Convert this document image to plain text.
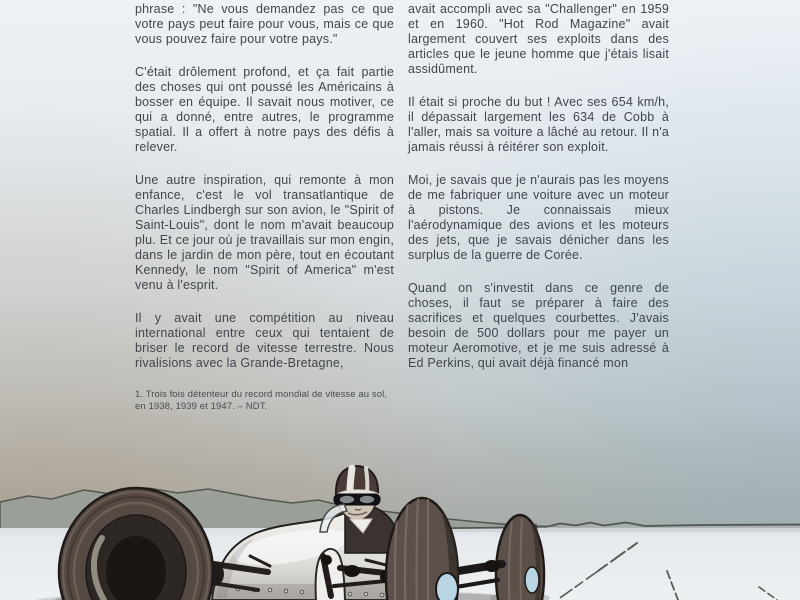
phrase : "Ne vous demandez pas ce que votre pays peut faire pour vous, mais ce que vous pouvez faire pour votre pays."

C'était drôlement profond, et ça fait partie des choses qui ont poussé les Américains à bosser en équipe. Il savait nous motiver, ce qui a donné, entre autres, le programme spatial. Il a offert à notre pays des défis à relever.

Une autre inspiration, qui remonte à mon enfance, c'est le vol transatlantique de Charles Lindbergh sur son avion, le "Spirit of Saint-Louis", dont le nom m'avait beaucoup plu. Et ce jour où je travaillais sur mon engin, dans le jardin de mon père, tout en écoutant Kennedy, le nom "Spirit of America" m'est venu à l'esprit.

Il y avait une compétition au niveau international entre ceux qui tentaient de briser le record de vitesse terrestre. Nous rivalisions avec la Grande-Bretagne,

1. Trois fois détenteur du record mondial de vitesse au sol, en 1938, 1939 et 1947. – NDT.

avait accompli avec sa "Challenger" en 1959 et en 1960. "Hot Rod Magazine" avait largement couvert ses exploits dans des articles que le jeune homme que j'étais lisait assidûment.

Il était si proche du but ! Avec ses 654 km/h, il dépassait largement les 634 de Cobb à l'aller, mais sa voiture a lâché au retour. Il n'a jamais réussi à réitérer son exploit.

Moi, je savais que je n'aurais pas les moyens de me fabriquer une voiture avec un moteur à pistons. Je connaissais mieux l'aérodynamique des avions et les moteurs des jets, que je savais dénicher dans les surplus de la guerre de Corée.

Quand on s'investit dans ce genre de choses, il faut se préparer à faire des sacrifices et quelques courbettes. J'avais besoin de 500 dollars pour me payer un moteur Aeromotive, et je me suis adressé à Ed Perkins, qui avait déjà financé mon
